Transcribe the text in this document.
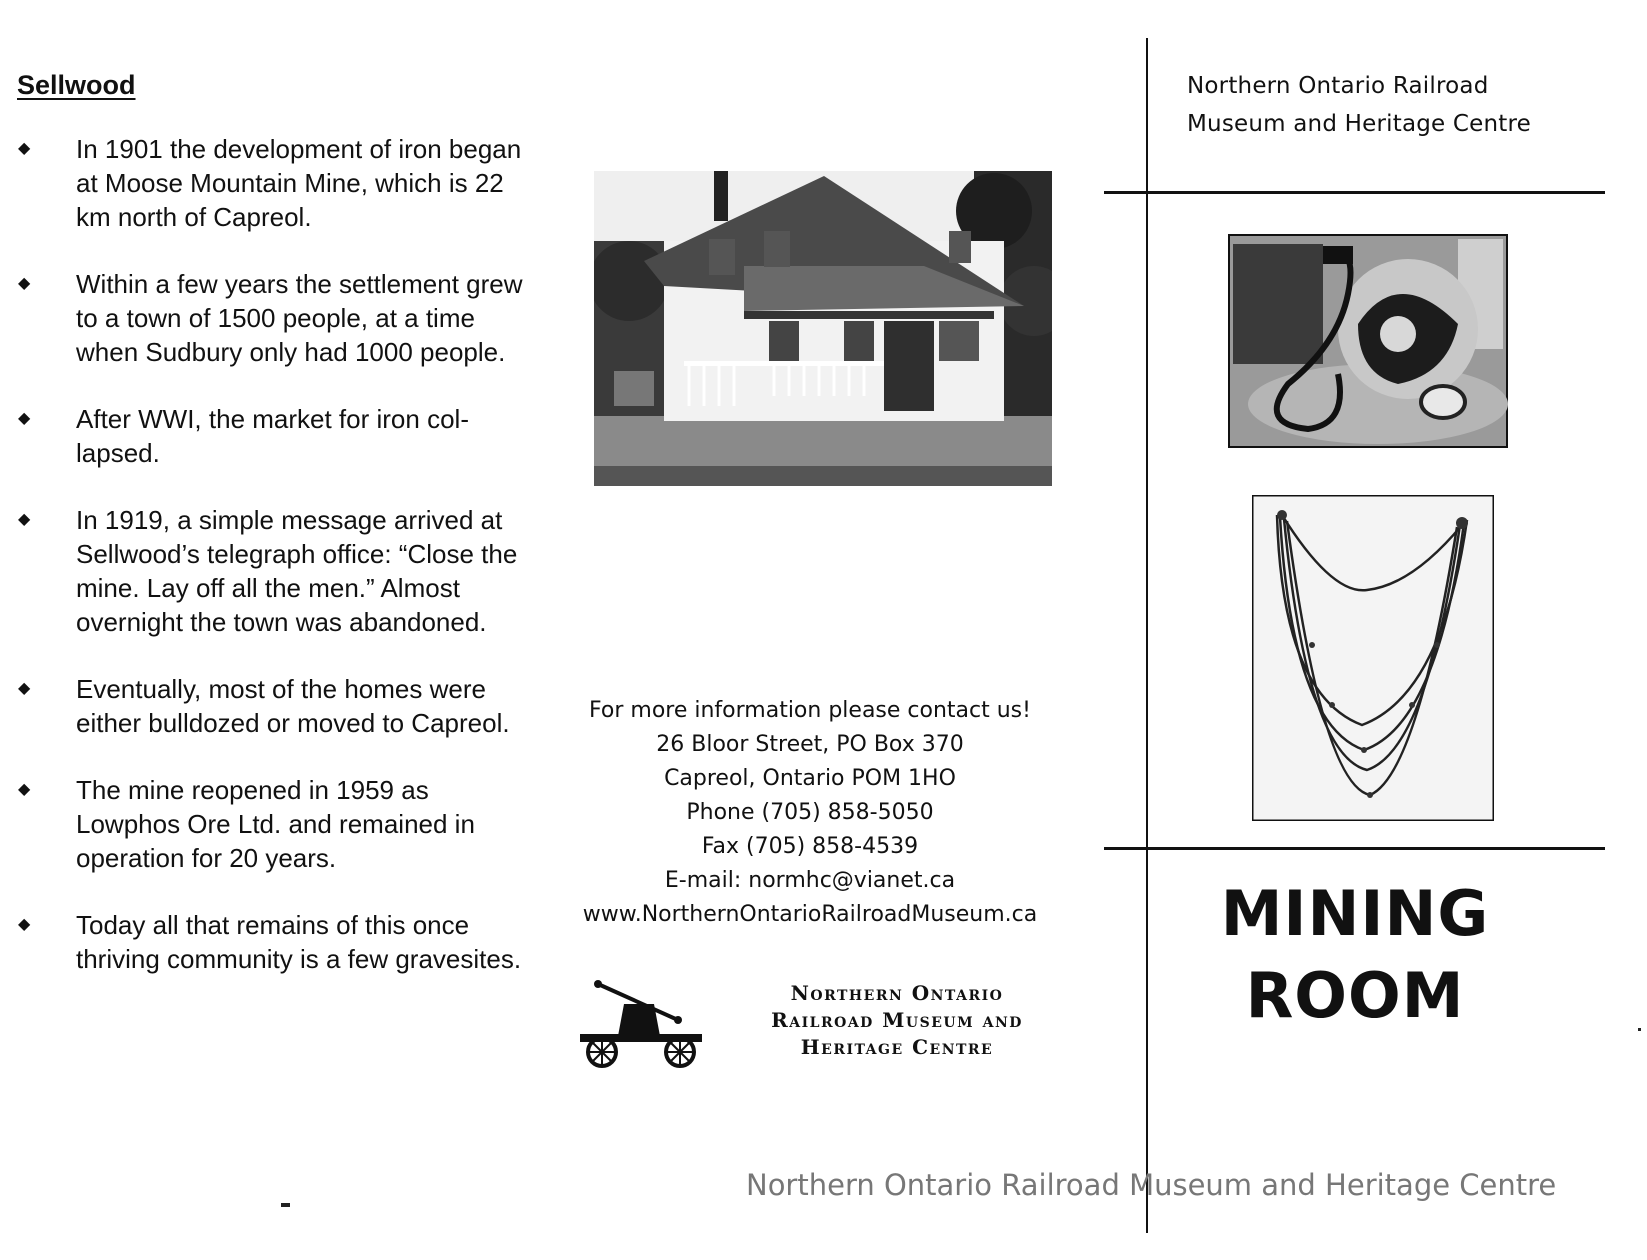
Sellwood
◆ In 1901 the development of iron began at Moose Mountain Mine, which is 22 km north of Capreol.
◆ Within a few years the settlement grew to a town of 1500 people, at a time when Sudbury only had 1000 people.
◆ After WWI, the market for iron col-lapsed.
◆ In 1919, a simple message arrived at Sellwood’s telegraph office: “Close the mine. Lay off all the men.” Almost overnight the town was abandoned.
◆ Eventually, most of the homes were either bulldozed or moved to Capreol.
◆ The mine reopened in 1959 as Lowphos Ore Ltd. and remained in operation for 20 years.
◆ Today all that remains of this once thriving community is a few gravesites.
For more information please contact us!
26 Bloor Street, PO Box 370
Capreol, Ontario POM 1HO
Phone (705) 858-5050
Fax (705) 858-4539
E-mail: normhc@vianet.ca
www.NorthernOntarioRailroadMuseum.ca
Northern Ontario
Railroad Museum and
Heritage Centre
Northern Ontario Railroad
Museum and Heritage Centre
MINING
ROOM
Northern Ontario Railroad Museum and Heritage Centre
